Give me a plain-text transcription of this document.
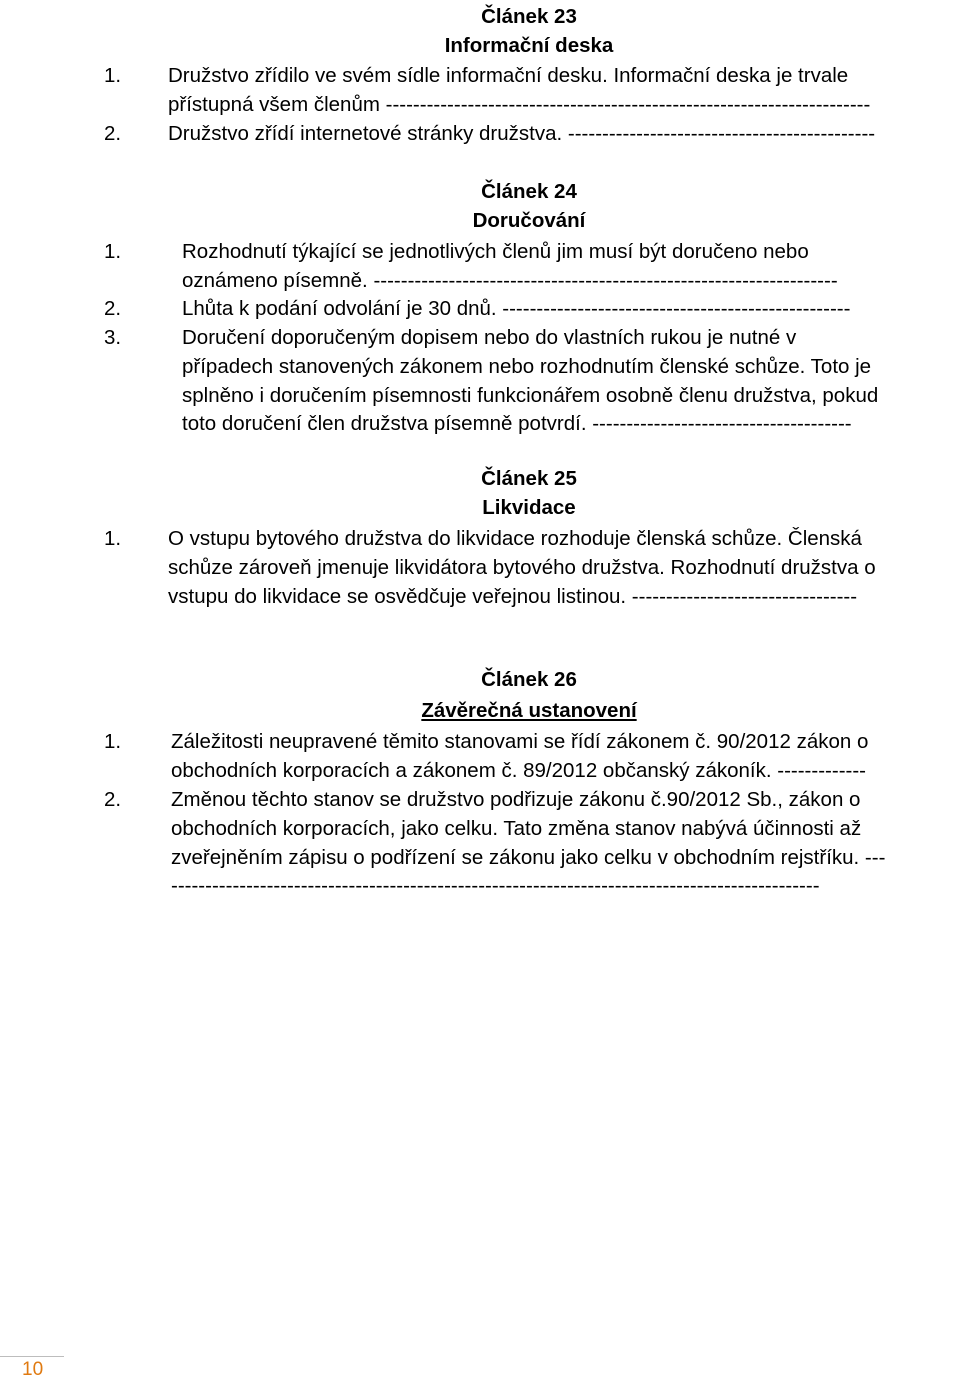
Článek 23
Informační deska
1. Družstvo zřídilo ve svém sídle informační desku. Informační deska je trvale
přístupná všem členům -----------------------------------------------------------------------
2. Družstvo zřídí internetové stránky družstva. ---------------------------------------------
Článek 24
Doručování
1.	Rozhodnutí týkající se jednotlivých členů jim musí být doručeno nebo
oznámeno písemně. --------------------------------------------------------------------
2.	Lhůta k podání odvolání je 30 dnů. ---------------------------------------------------
3.	Doručení doporučeným dopisem nebo do vlastních rukou je nutné v
případech stanovených zákonem nebo rozhodnutím členské schůze. Toto je
splněno i doručením písemnosti funkcionářem osobně členu družstva, pokud
toto doručení člen družstva písemně potvrdí. --------------------------------------
Článek 25
Likvidace
1. O vstupu bytového družstva do likvidace rozhoduje členská schůze. Členská
schůze zároveň jmenuje likvidátora bytového družstva. Rozhodnutí družstva o
vstupu do likvidace se osvědčuje veřejnou listinou. ---------------------------------
Článek 26
Závěrečná ustanovení
1. Záležitosti neupravené těmito stanovami se řídí zákonem č. 90/2012 zákon o
obchodních korporacích a zákonem č. 89/2012 občanský zákoník. -------------
2. Změnou těchto stanov se družstvo podřizuje zákonu č.90/2012 Sb., zákon o
obchodních korporacích, jako celku. Tato změna stanov nabývá účinnosti až
zveřejněním zápisu o podřízení se zákonu jako celku v obchodním rejstříku. ---
-----------------------------------------------------------------------------------------------
10
